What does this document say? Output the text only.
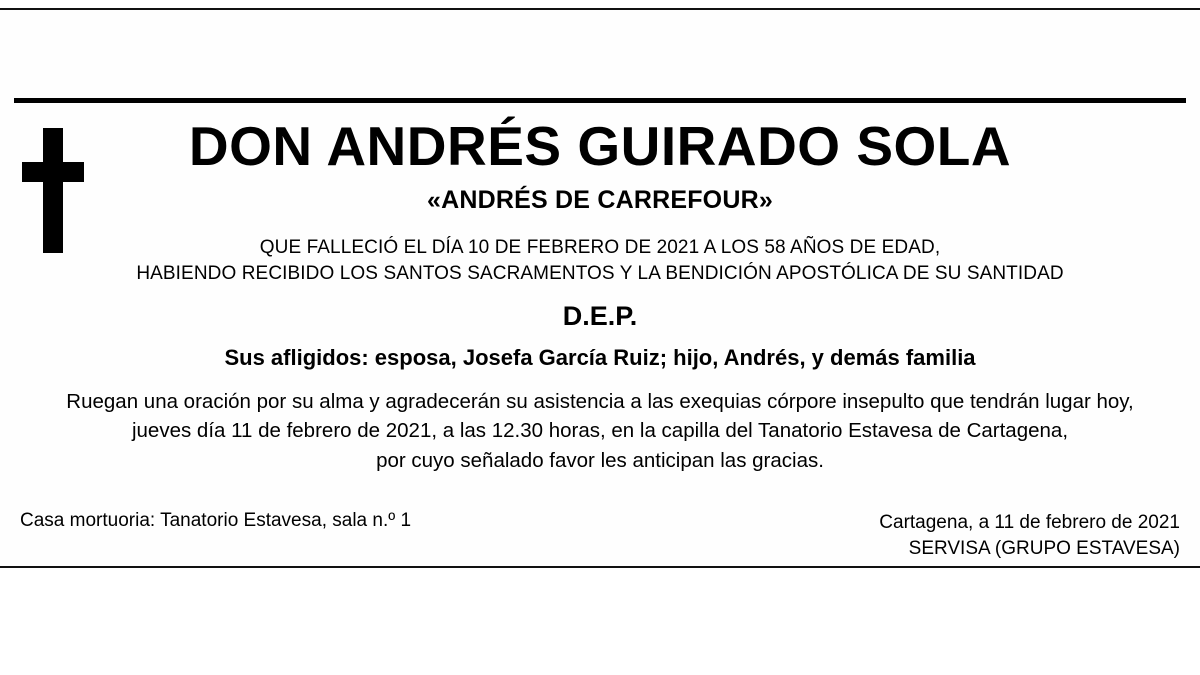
DON ANDRÉS GUIRADO SOLA
«ANDRÉS DE CARREFOUR»
QUE FALLECIÓ EL DÍA 10 DE FEBRERO DE 2021 A LOS 58 AÑOS DE EDAD,
HABIENDO RECIBIDO LOS SANTOS SACRAMENTOS Y LA BENDICIÓN APOSTÓLICA DE SU SANTIDAD
D.E.P.
Sus afligidos: esposa, Josefa García Ruiz; hijo, Andrés, y demás familia
Ruegan una oración por su alma y agradecerán su asistencia a las exequias córpore insepulto que tendrán lugar hoy,
jueves día 11 de febrero de 2021, a las 12.30 horas, en la capilla del Tanatorio Estavesa de Cartagena,
por cuyo señalado favor les anticipan las gracias.
Casa mortuoria: Tanatorio Estavesa, sala n.º 1	Cartagena, a 11 de febrero de 2021
SERVISA (GRUPO ESTAVESA)
